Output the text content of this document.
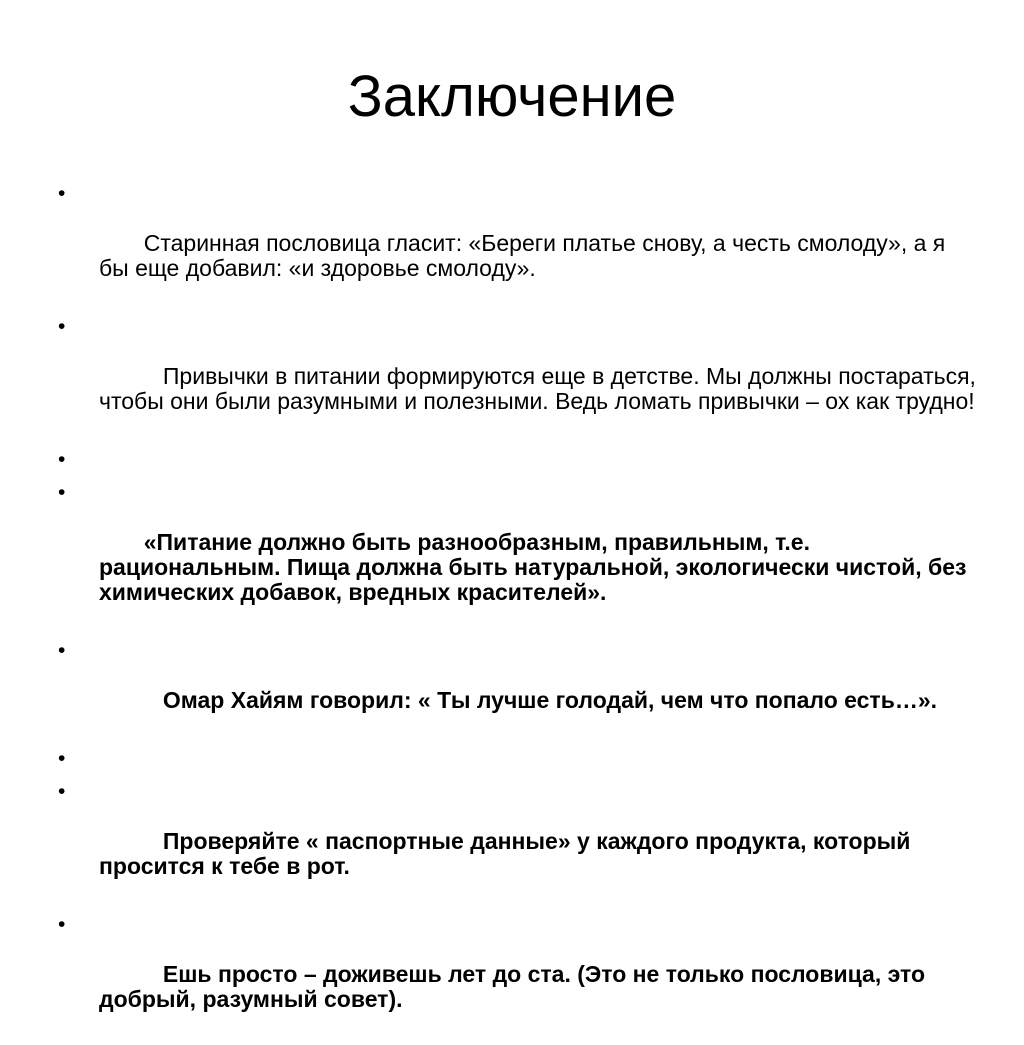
Заключение

•

Старинная пословица гласит: «Береги платье снову, а честь смолоду», а я бы еще добавил: «и здоровье смолоду».

•

Привычки в питании формируются еще в детстве. Мы должны постараться, чтобы они были разумными и полезными. Ведь ломать привычки – ох как трудно!

•

•

«Питание должно быть разнообразным, правильным, т.е. рациональным. Пища должна быть натуральной, экологически чистой, без химических добавок, вредных красителей».

•

Омар Хайям говорил: « Ты лучше голодай, чем что попало есть…».

•

•

Проверяйте « паспортные данные» у каждого продукта, который просится к тебе в рот.

•

Ешь просто – доживешь лет до ста. (Это не только пословица, это добрый, разумный совет).
